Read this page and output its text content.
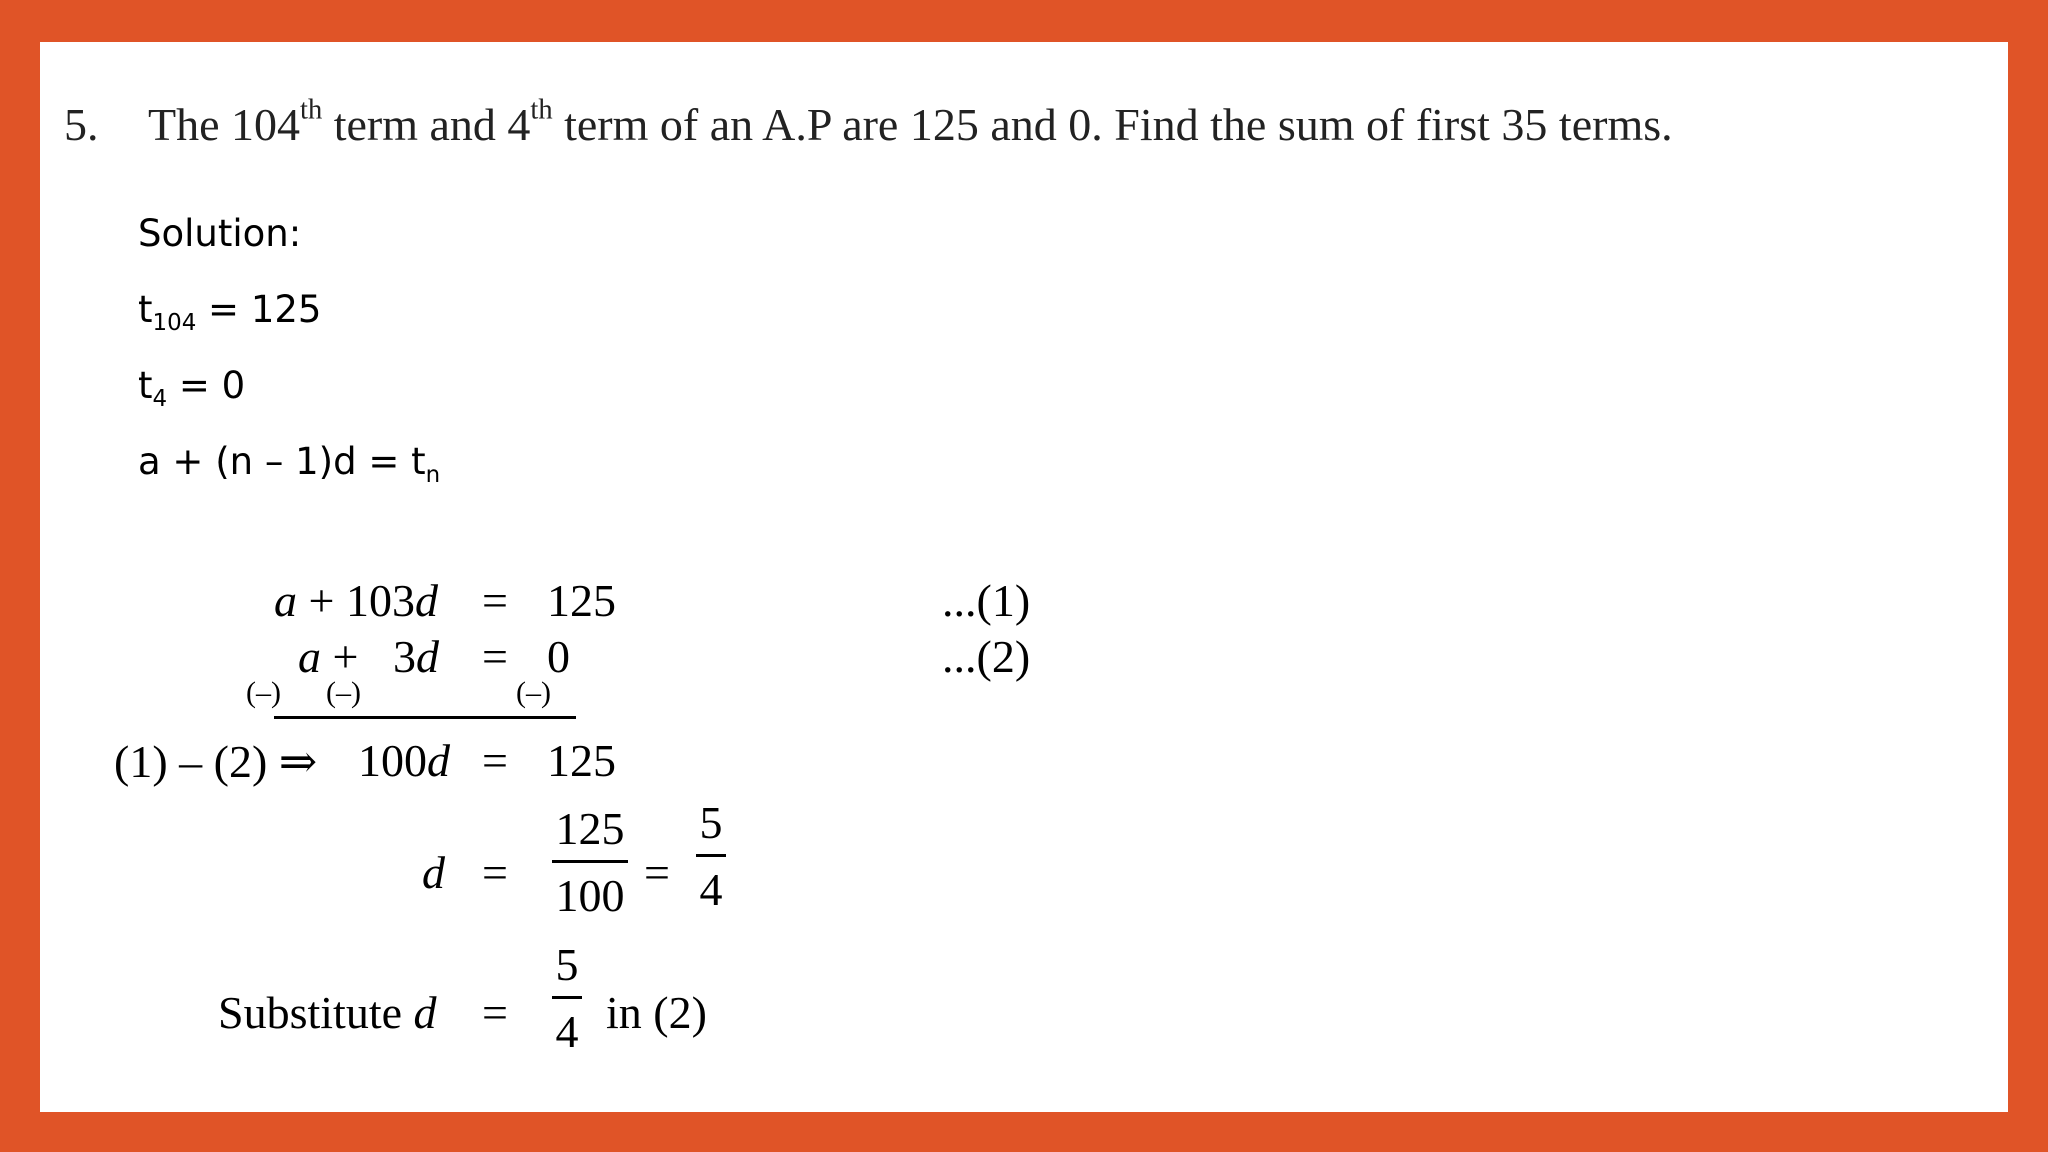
5. The 104th term and 4th term of an A.P are 125 and 0. Find the sum of first 35 terms.
Solution:
$t_{104} = 125$
$t_4 = 0$
$a + (n - 1)d = t_n$
a + 103d = 125	...(1)
a +   3d = 0	...(2)
(–) (–)	(–)
(1) – (2) ⇒ 100d = 125
d =
125
100 =
5
4
Substitute d =
5
4 in (2)
